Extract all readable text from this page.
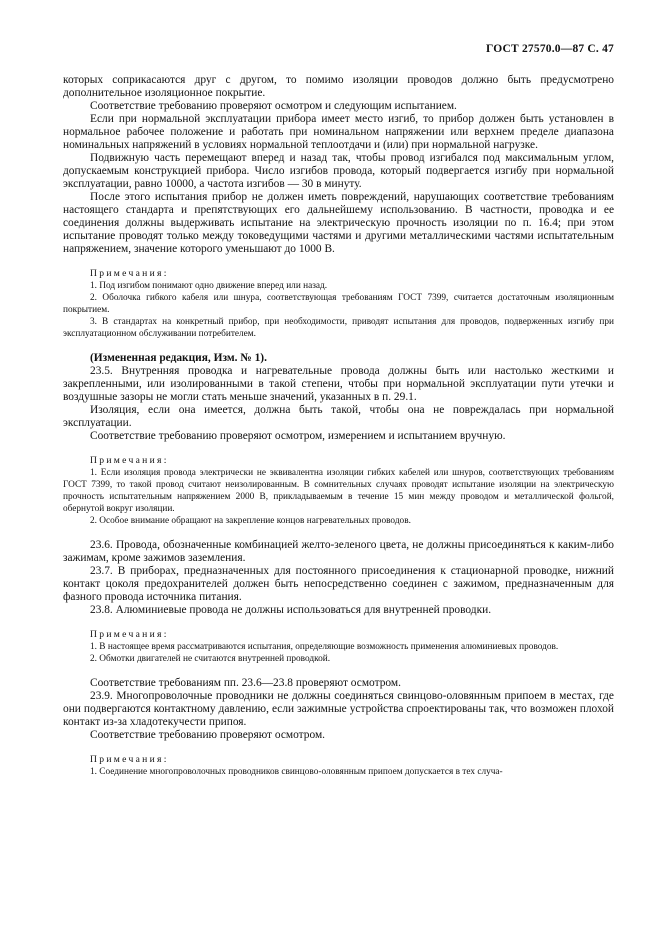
ГОСТ 27570.0—87 С. 47
которых соприкасаются друг с другом, то помимо изоляции проводов должно быть предусмотрено дополнительное изоляционное покрытие.
Соответствие требованию проверяют осмотром и следующим испытанием.
Если при нормальной эксплуатации прибора имеет место изгиб, то прибор должен быть установлен в нормальное рабочее положение и работать при номинальном напряжении или верхнем пределе диапазона номинальных напряжений в условиях нормальной теплоотдачи и (или) при нормальной нагрузке.
Подвижную часть перемещают вперед и назад так, чтобы провод изгибался под максимальным углом, допускаемым конструкцией прибора. Число изгибов провода, который подвергается изгибу при нормальной эксплуатации, равно 10000, а частота изгибов — 30 в минуту.
После этого испытания прибор не должен иметь повреждений, нарушающих соответствие требованиям настоящего стандарта и препятствующих его дальнейшему использованию. В частности, проводка и ее соединения должны выдерживать испытание на электрическую прочность изоляции по п. 16.4; при этом испытание проводят только между токоведущими частями и другими металлическими частями испытательным напряжением, значение которого уменьшают до 1000 В.
Примечания:
1. Под изгибом понимают одно движение вперед или назад.
2. Оболочка гибкого кабеля или шнура, соответствующая требованиям ГОСТ 7399, считается достаточным изоляционным покрытием.
3. В стандартах на конкретный прибор, при необходимости, приводят испытания для проводов, подверженных изгибу при эксплуатационном обслуживании потребителем.
(Измененная редакция, Изм. № 1).
23.5. Внутренняя проводка и нагревательные провода должны быть или настолько жесткими и закрепленными, или изолированными в такой степени, чтобы при нормальной эксплуатации пути утечки и воздушные зазоры не могли стать меньше значений, указанных в п. 29.1.
Изоляция, если она имеется, должна быть такой, чтобы она не повреждалась при нормальной эксплуатации.
Соответствие требованию проверяют осмотром, измерением и испытанием вручную.
Примечания:
1. Если изоляция провода электрически не эквивалентна изоляции гибких кабелей или шнуров, соответствующих требованиям ГОСТ 7399, то такой провод считают неизолированным. В сомнительных случаях проводят испытание изоляции на электрическую прочность испытательным напряжением 2000 В, прикладываемым в течение 15 мин между проводом и металлической фольгой, обернутой вокруг изоляции.
2. Особое внимание обращают на закрепление концов нагревательных проводов.
23.6. Провода, обозначенные комбинацией желто-зеленого цвета, не должны присоединяться к каким-либо зажимам, кроме зажимов заземления.
23.7. В приборах, предназначенных для постоянного присоединения к стационарной проводке, нижний контакт цоколя предохранителей должен быть непосредственно соединен с зажимом, предназначенным для фазного провода источника питания.
23.8. Алюминиевые провода не должны использоваться для внутренней проводки.
Примечания:
1. В настоящее время рассматриваются испытания, определяющие возможность применения алюминиевых проводов.
2. Обмотки двигателей не считаются внутренней проводкой.
Соответствие требованиям пп. 23.6—23.8 проверяют осмотром.
23.9. Многопроволочные проводники не должны соединяться свинцово-оловянным припоем в местах, где они подвергаются контактному давлению, если зажимные устройства спроектированы так, что возможен плохой контакт из-за хладотекучести припоя.
Соответствие требованию проверяют осмотром.
Примечания:
1. Соединение многопроволочных проводников свинцово-оловянным припоем допускается в тех случа-
